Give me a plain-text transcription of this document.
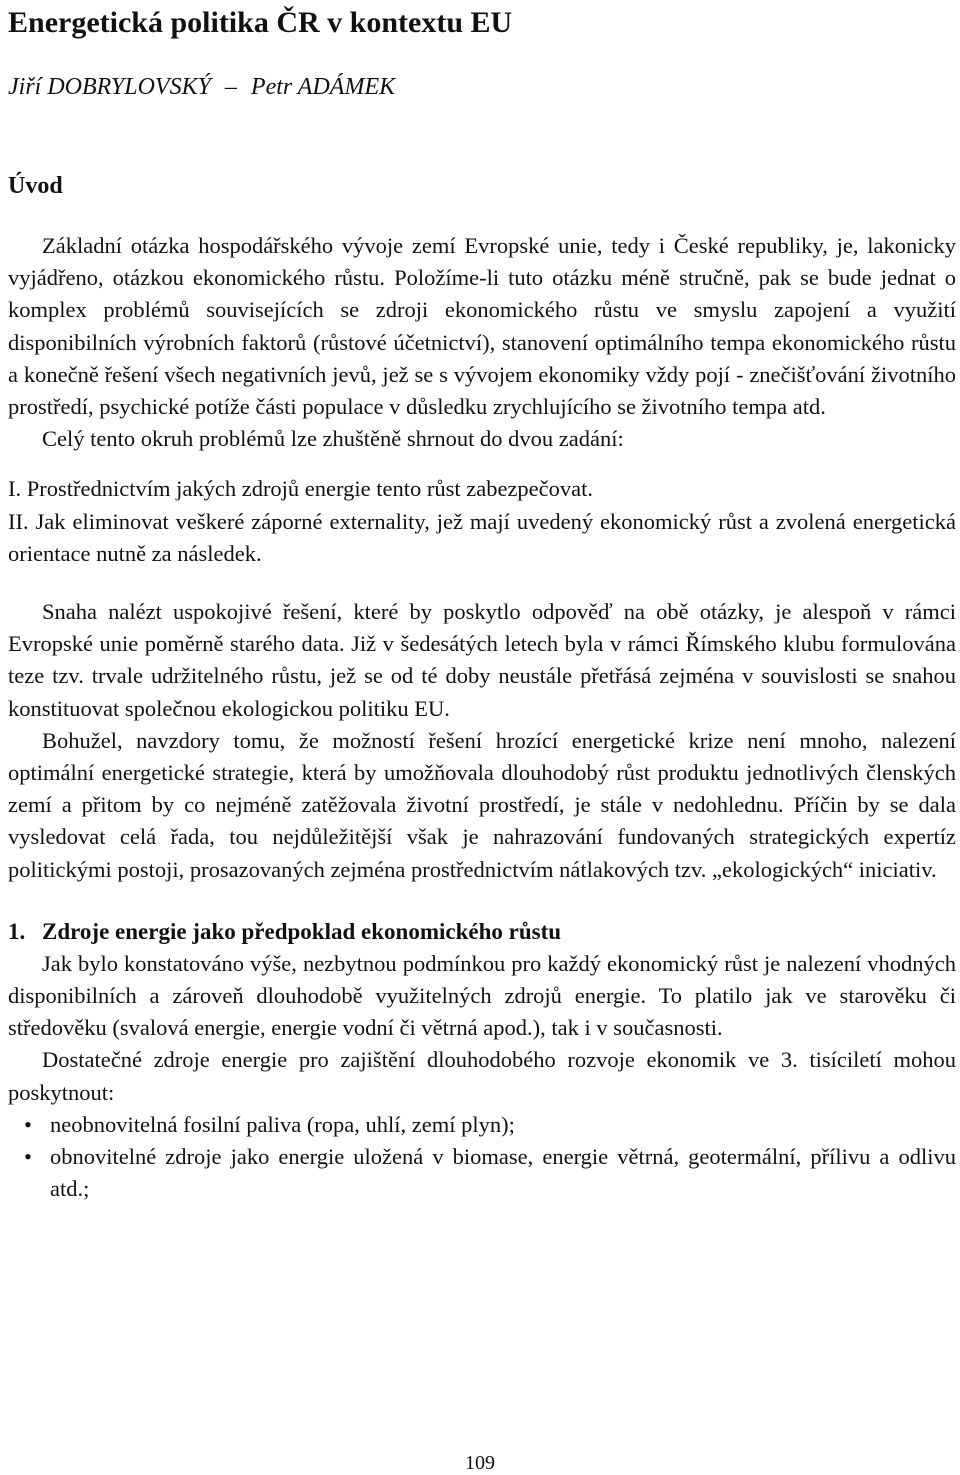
Energetická politika ČR v kontextu EU
Jiří DOBRYLOVSKÝ – Petr ADÁMEK
Úvod

Základní otázka hospodářského vývoje zemí Evropské unie, tedy i České republiky, je, lakonicky vyjádřeno, otázkou ekonomického růstu. Položíme-li tuto otázku méně stručně, pak se bude jednat o komplex problémů souvisejících se zdroji ekonomického růstu ve smyslu zapojení a využití disponibilních výrobních faktorů (růstové účetnictví), stanovení optimálního tempa ekonomického růstu a konečně řešení všech negativních jevů, jež se s vývojem ekonomiky vždy pojí - znečišťování životního prostředí, psychické potíže části populace v důsledku zrychlujícího se životního tempa atd.

Celý tento okruh problémů lze zhuštěně shrnout do dvou zadání:

I. Prostřednictvím jakých zdrojů energie tento růst zabezpečovat.

II. Jak eliminovat veškeré záporné externality, jež mají uvedený ekonomický růst a zvolená energetická orientace nutně za následek.

Snaha nalézt uspokojivé řešení, které by poskytlo odpověď na obě otázky, je alespoň v rámci Evropské unie poměrně starého data. Již v šedesátých letech byla v rámci Římského klubu formulována teze tzv. trvale udržitelného růstu, jež se od té doby neustále přetřásá zejména v souvislosti se snahou konstituovat společnou ekologickou politiku EU.

Bohužel, navzdory tomu, že možností řešení hrozící energetické krize není mnoho, nalezení optimální energetické strategie, která by umožňovala dlouhodobý růst produktu jednotlivých členských zemí a přitom by co nejméně zatěžovala životní prostředí, je stále v nedohlednu. Příčin by se dala vysledovat celá řada, tou nejdůležitější však je nahrazování fundovaných strategických expertíz politickými postoji, prosazovaných zejména prostřednictvím nátlakových tzv. „ekologických“ iniciativ.

1. Zdroje energie jako předpoklad ekonomického růstu

Jak bylo konstatováno výše, nezbytnou podmínkou pro každý ekonomický růst je nalezení vhodných disponibilních a zároveň dlouhodobě využitelných zdrojů energie. To platilo jak ve starověku či středověku (svalová energie, energie vodní či větrná apod.), tak i v současnosti.

Dostatečné zdroje energie pro zajištění dlouhodobého rozvoje ekonomik ve 3. tisíciletí mohou poskytnout:

• neobnovitelná fosilní paliva (ropa, uhlí, zemí plyn);
• obnovitelné zdroje jako energie uložená v biomase, energie větrná, geotermální, přílivu a odlivu atd.;
109
